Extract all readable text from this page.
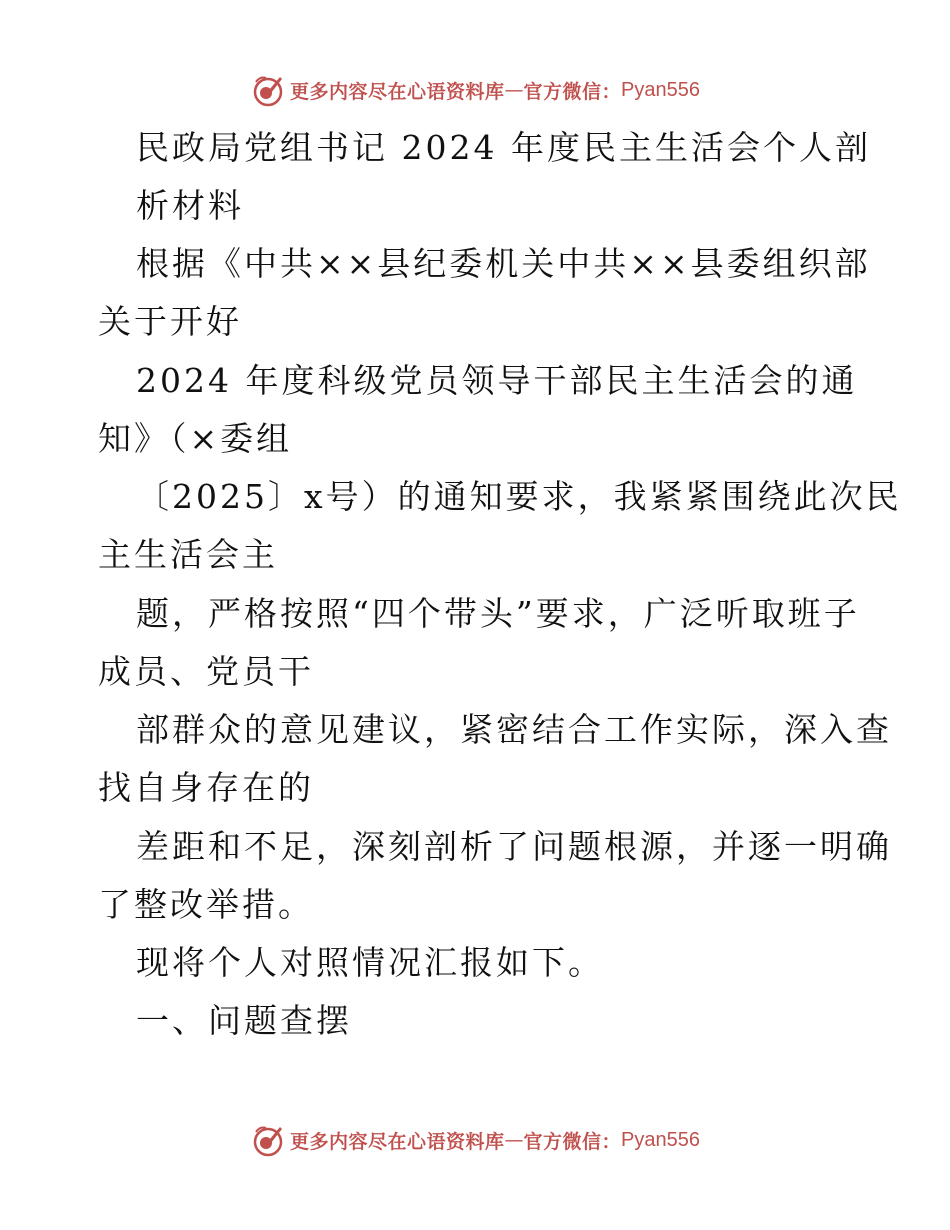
更多内容尽在心语资料库 — 官方微信： Pyan556
民政局党组书记 2024 年度民主生活会个人剖
析材料
根据《中共××县纪委机关中共××县委组织部
关于开好
2024 年度科级党员领导干部民主生活会的通
知》（×委组
〔2025〕x号）的通知要求，我紧紧围绕此次民
主生活会主
题，严格按照“四个带头”要求，广泛听取班子
成员、党员干
部群众的意见建议，紧密结合工作实际，深入查
找自身存在的
差距和不足，深刻剖析了问题根源，并逐一明确
了整改举措。
现将个人对照情况汇报如下。
一、问题查摆
更多内容尽在心语资料库 — 官方微信： Pyan556
